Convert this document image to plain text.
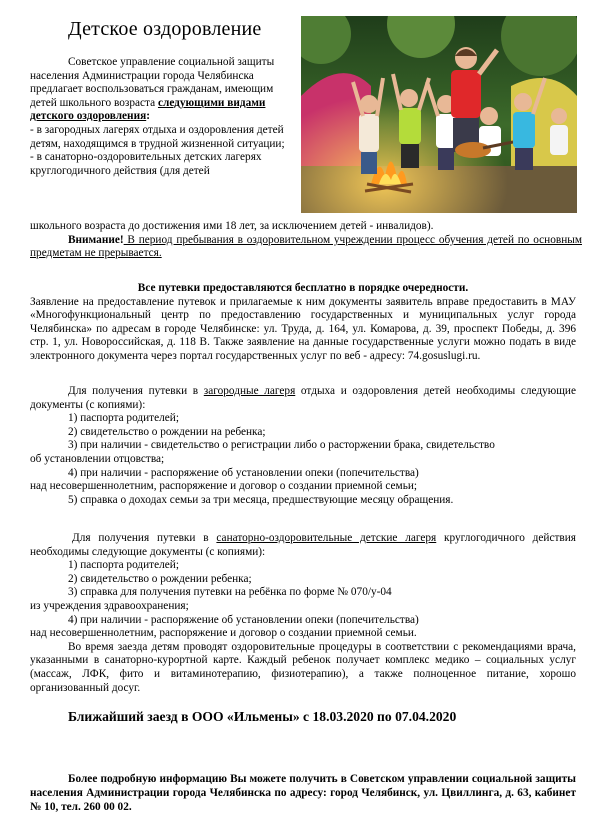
Детское оздоровление

Советское управление социальной защиты населения Администрации города Челябинска предлагает воспользоваться гражданам, имеющим детей школьного возраста следующими видами детского оздоровления:

- в загородных лагерях отдыха и оздоровления детей детям, находящимся в трудной жизненной ситуации;

- в санаторно-оздоровительных детских лагерях круглогодичного действия (для детей

школьного возраста до достижения ими 18 лет, за исключением детей - инвалидов).

Внимание! В период пребывания в оздоровительном учреждении процесс обучения детей по основным предметам не прерывается.

Все путевки предоставляются бесплатно в порядке очередности.

Заявление на предоставление путевок и прилагаемые к ним документы заявитель вправе предоставить в МАУ «Многофункциональный центр по предоставлению государственных и муниципальных услуг города Челябинска» по адресам в городе Челябинске: ул. Труда, д. 164, ул. Комарова, д. 39, проспект Победы, д. 396 стр. 1, ул. Новороссийская, д. 118 В. Также заявление на данные государственные услуги можно подать в виде электронного документа через портал государственных услуг по веб - адресу: 74.gosuslugi.ru.

Для получения путевки в загородные лагеря отдыха и оздоровления детей необходимы следующие документы (с копиями):

1) паспорта родителей;

2) свидетельство о рождении на ребенка;

3) при наличии - свидетельство о регистрации либо о расторжении брака, свидетельство

об установлении отцовства;

4) при наличии - распоряжение об установлении опеки (попечительства)

над несовершеннолетним, распоряжение и договор о создании приемной семьи;

5) справка о доходах семьи за три месяца, предшествующие месяцу обращения.

Для получения путевки в санаторно-оздоровительные детские лагеря круглогодичного действия необходимы следующие документы (с копиями):

1) паспорта родителей;

2) свидетельство о рождении ребенка;

3) справка для получения путевки на ребёнка по форме № 070/у-04

из учреждения здравоохранения;

4) при наличии - распоряжение об установлении опеки (попечительства)

над несовершеннолетним, распоряжение и договор о создании приемной семьи.

Во время заезда детям проводят оздоровительные процедуры в соответствии с рекомендациями врача, указанными в санаторно-курортной карте. Каждый ребенок получает комплекс медико – социальных услуг (массаж, ЛФК, фито и витаминотерапию, физиотерапию), а также полноценное питание, хорошо организованный досуг.

Ближайший заезд в ООО «Ильмены» с 18.03.2020 по 07.04.2020

Более подробную информацию Вы можете получить в Советском управлении социальной защиты населения Администрации города Челябинска по адресу: город Челябинск, ул. Цвиллинга, д. 63, кабинет № 10, тел. 260 00 02.
